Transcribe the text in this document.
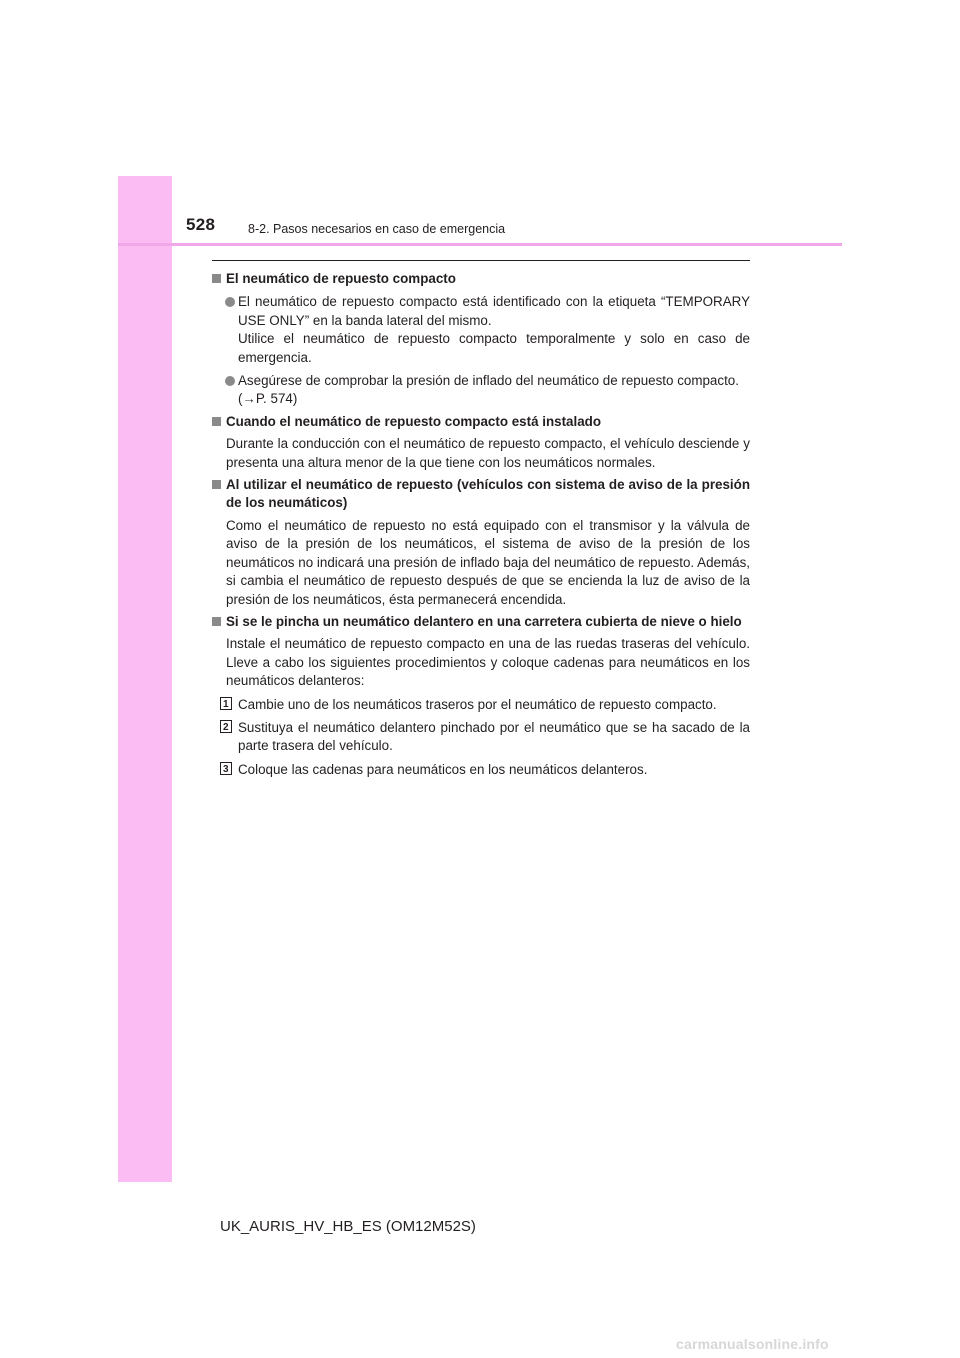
528	8-2. Pasos necesarios en caso de emergencia
El neumático de repuesto compacto
El neumático de repuesto compacto está identificado con la etiqueta “TEMPORARY USE ONLY” en la banda lateral del mismo.
Utilice el neumático de repuesto compacto temporalmente y solo en caso de emergencia.
Asegúrese de comprobar la presión de inflado del neumático de repuesto compacto.
(→P. 574)
Cuando el neumático de repuesto compacto está instalado
Durante la conducción con el neumático de repuesto compacto, el vehículo desciende y presenta una altura menor de la que tiene con los neumáticos normales.
Al utilizar el neumático de repuesto (vehículos con sistema de aviso de la presión de los neumáticos)
Como el neumático de repuesto no está equipado con el transmisor y la válvula de aviso de la presión de los neumáticos, el sistema de aviso de la presión de los neumáticos no indicará una presión de inflado baja del neumático de repuesto. Además, si cambia el neumático de repuesto después de que se encienda la luz de aviso de la presión de los neumáticos, ésta permanecerá encendida.
Si se le pincha un neumático delantero en una carretera cubierta de nieve o hielo
Instale el neumático de repuesto compacto en una de las ruedas traseras del vehículo. Lleve a cabo los siguientes procedimientos y coloque cadenas para neumáticos en los neumáticos delanteros:
1 Cambie uno de los neumáticos traseros por el neumático de repuesto compacto.
2 Sustituya el neumático delantero pinchado por el neumático que se ha sacado de la parte trasera del vehículo.
3 Coloque las cadenas para neumáticos en los neumáticos delanteros.
UK_AURIS_HV_HB_ES (OM12M52S)
carmanualsonline.info
